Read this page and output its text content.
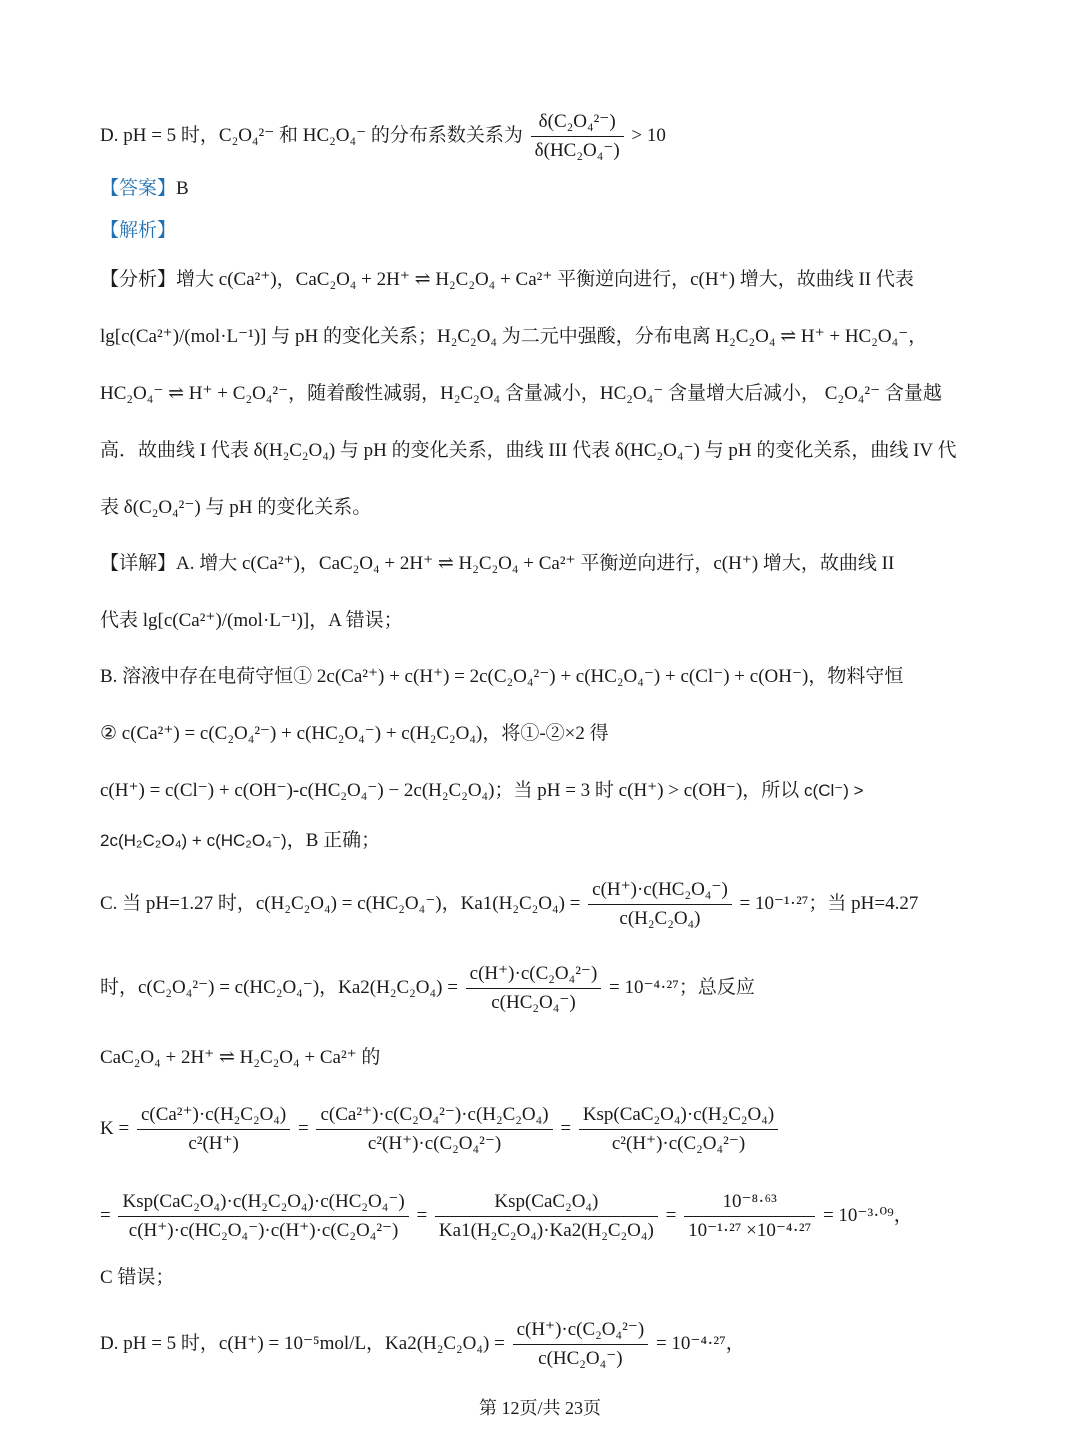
D. pH = 5 时，C₂O₄²⁻ 和 HC₂O₄⁻ 的分布系数关系为 $\frac{\text{δ(C₂O₄²⁻)}}{\text{δ(HC₂O₄⁻)}} > 10$
【答案】B
【解析】
【分析】增大 c(Ca²⁺)，CaC₂O₄ + 2H⁺ ⇌ H₂C₂O₄ + Ca²⁺ 平衡逆向进行，c(H⁺) 增大，故曲线 II 代表
lg[c(Ca²⁺)/(mol·L⁻¹)] 与 pH 的变化关系；H₂C₂O₄ 为二元中强酸，分布电离 H₂C₂O₄ ⇌ H⁺ + HC₂O₄⁻，
HC₂O₄⁻ ⇌ H⁺ + C₂O₄²⁻，随着酸性减弱，H₂C₂O₄ 含量减小，HC₂O₄⁻ 含量增大后减小， C₂O₄²⁻ 含量越
高．故曲线 I 代表 δ(H₂C₂O₄) 与 pH 的变化关系，曲线 III 代表 δ(HC₂O₄⁻) 与 pH 的变化关系，曲线 IV 代
表 δ(C₂O₄²⁻) 与 pH 的变化关系。
【详解】A. 增大 c(Ca²⁺)，CaC₂O₄ + 2H⁺ ⇌ H₂C₂O₄ + Ca²⁺ 平衡逆向进行，c(H⁺) 增大，故曲线 II
代表 lg[c(Ca²⁺)/(mol·L⁻¹)]，A 错误；
B. 溶液中存在电荷守恒① 2c(Ca²⁺) + c(H⁺) = 2c(C₂O₄²⁻) + c(HC₂O₄⁻) + c(Cl⁻) + c(OH⁻)，物料守恒
② c(Ca²⁺) = c(C₂O₄²⁻) + c(HC₂O₄⁻) + c(H₂C₂O₄)，将①-②×2 得
c(H⁺) = c(Cl⁻) + c(OH⁻)-c(HC₂O₄⁻) − 2c(H₂C₂O₄)；当 pH = 3 时 c(H⁺) > c(OH⁻)，所以 c(Cl⁻) >
2c(H₂C₂O₄) + c(HC₂O₄⁻)，B 正确；
C. 当 pH=1.27 时，c(H₂C₂O₄) = c(HC₂O₄⁻)，$Ka1(H_2C_2O_4) = \frac{\text{c(H⁺)·c(HC₂O₄⁻)}}{\text{c(H₂C₂O₄)}} = 10^{-1}\cdot^{27}$；当 pH=4.27
时，c(C₂O₄²⁻) = c(HC₂O₄⁻)，$Ka2(H_2C_2O_4) = \frac{\text{c(H⁺)·c(C₂O₄²⁻)}}{\text{c(HC₂O₄⁻)}} = 10^{-4}\cdot^{27}$；总反应
CaC₂O₄ + 2H⁺ ⇌ H₂C₂O₄ + Ca²⁺ 的
$K = \frac{\text{c(Ca²⁺)·c(H₂C₂O₄)}}{\text{c²(H⁺)}} = \frac{\text{c(Ca²⁺)·c(C₂O₄²⁻)·c(H₂C₂O₄)}}{\text{c²(H⁺)·c(C₂O₄²⁻)}} = \frac{\text{Ksp(CaC₂O₄)·c(H₂C₂O₄)}}{\text{c²(H⁺)·c(C₂O₄²⁻)}}$
= $\frac{\text{Ksp(CaC₂O₄)·c(H₂C₂O₄)·c(HC₂O₄⁻)}}{\text{c(H⁺)·c(HC₂O₄⁻)·c(H⁺)·c(C₂O₄²⁻)}} = \frac{\text{Ksp(CaC₂O₄)}}{\text{Ka1(H₂C₂O₄)·Ka2(H₂C₂O₄)}} = \frac{\text{10⁻⁸·⁶³}}{\text{10⁻¹·²⁷ ×10⁻⁴·²⁷}} = 10^{-3}\cdot^{09}$，
C 错误；
D. pH = 5 时，c(H⁺) = 10⁻⁵mol/L，$Ka2(H_2C_2O_4) = \frac{\text{c(H⁺)·c(C₂O₄²⁻)}}{\text{c(HC₂O₄⁻)}} = 10^{-4}\cdot^{27}$，
第 12页/共 23页
